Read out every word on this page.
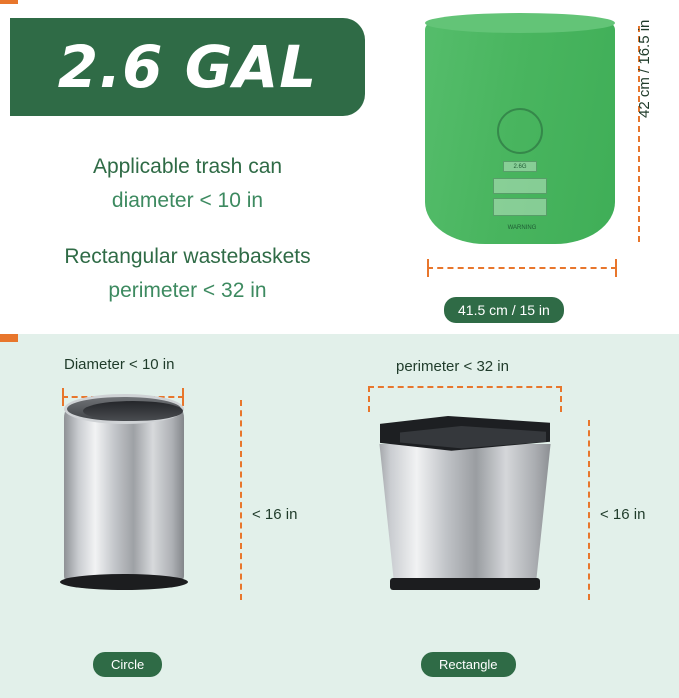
2.6 GAL
Applicable trash can
diameter < 10 in
Rectangular wastebaskets
perimeter < 32 in
2.6G
WARNING
42 cm / 16.5 in
41.5 cm / 15 in
Diameter < 10 in	perimeter < 32 in
< 16 in	< 16 in
Circle	Rectangle
